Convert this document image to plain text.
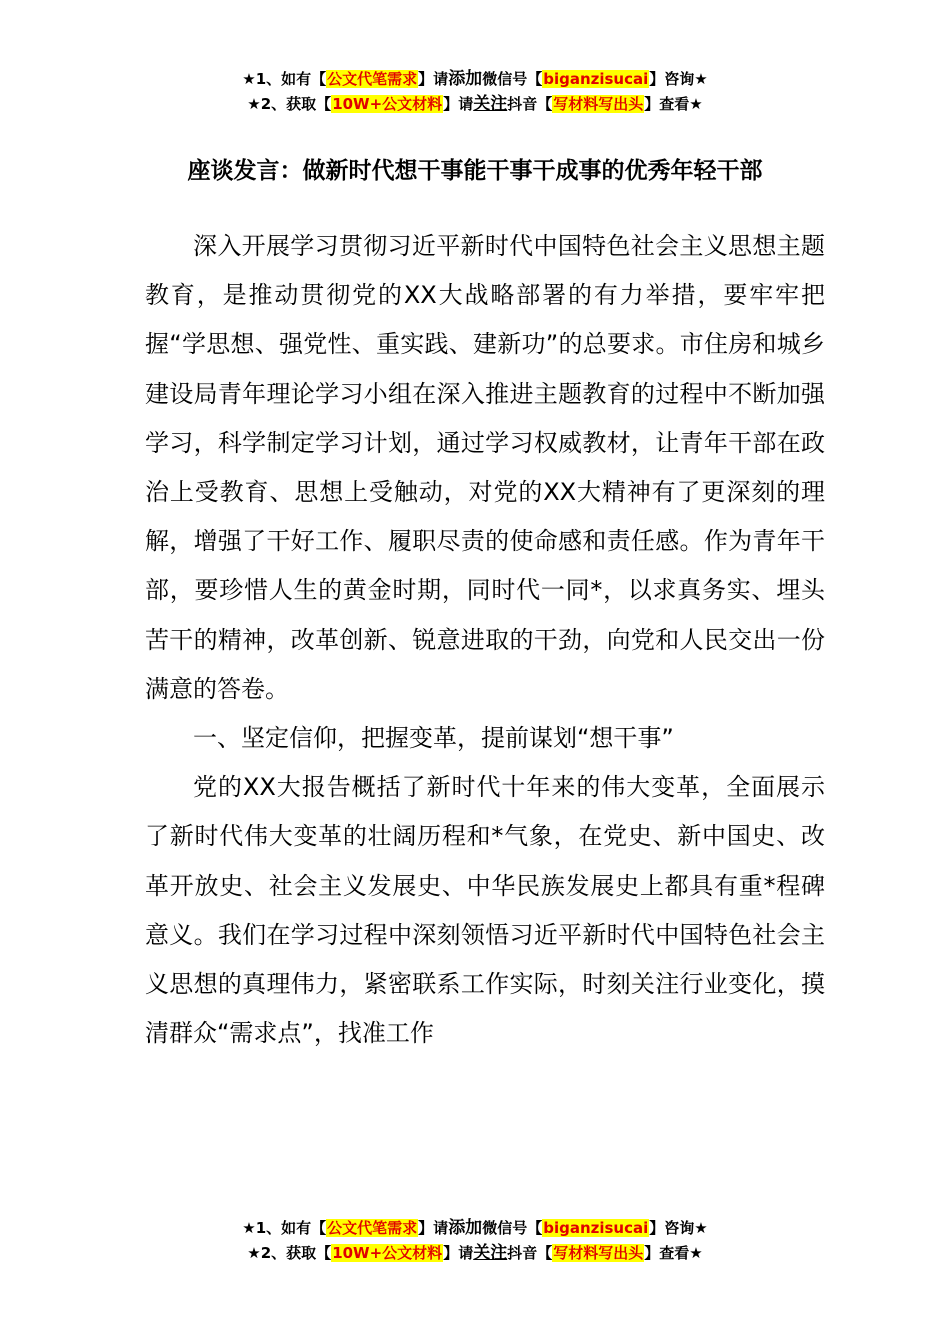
★1、如有【公文代笔需求】请添加微信号【biganzisucai】咨询★
★2、获取【10W+公文材料】请关注抖音【写材料写出头】查看★
座谈发言：做新时代想干事能干事干成事的优秀年轻干部

深入开展学习贯彻习近平新时代中国特色社会主义思想主题教育，是推动贯彻党的XX大战略部署的有力举措，要牢牢把握“学思想、强党性、重实践、建新功”的总要求。市住房和城乡建设局青年理论学习小组在深入推进主题教育的过程中不断加强学习，科学制定学习计划，通过学习权威教材，让青年干部在政治上受教育、思想上受触动，对党的XX大精神有了更深刻的理解，增强了干好工作、履职尽责的使命感和责任感。作为青年干部，要珍惜人生的黄金时期，同时代一同*，以求真务实、埋头苦干的精神，改革创新、锐意进取的干劲，向党和人民交出一份满意的答卷。

一、坚定信仰，把握变革，提前谋划“想干事”

党的XX大报告概括了新时代十年来的伟大变革，全面展示了新时代伟大变革的壮阔历程和*气象，在党史、新中国史、改革开放史、社会主义发展史、中华民族发展史上都具有重*程碑意义。我们在学习过程中深刻领悟习近平新时代中国特色社会主义思想的真理伟力，紧密联系工作实际，时刻关注行业变化，摸清群众“需求点”，找准工作

★1、如有【公文代笔需求】请添加微信号【biganzisucai】咨询★
★2、获取【10W+公文材料】请关注抖音【写材料写出头】查看★
